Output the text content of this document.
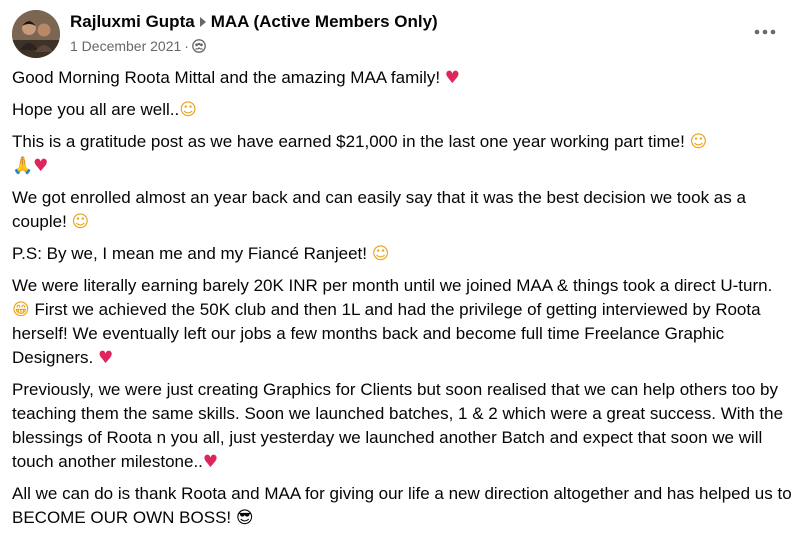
Rajluxmi Gupta MAA (Active Members Only)
1 December 2021 ·

Good Morning Roota Mittal and the amazing MAA family! ♥

Hope you all are well..☺

This is a gratitude post as we have earned $21,000 in the last one year working part time! ☺
🙏♥

We got enrolled almost an year back and can easily say that it was the best decision we took as a couple! ☺

P.S: By we, I mean me and my Fiancé Ranjeet! ☺

We were literally earning barely 20K INR per month until we joined MAA & things took a direct U-turn. 😁 First we achieved the 50K club and then 1L and had the privilege of getting interviewed by Roota herself! We eventually left our jobs a few months back and become full time Freelance Graphic Designers. ♥

Previously, we were just creating Graphics for Clients but soon realised that we can help others too by teaching them the same skills. Soon we launched batches, 1 & 2 which were a great success. With the blessings of Roota n you all, just yesterday we launched another Batch and expect that soon we will touch another milestone..♥

All we can do is thank Roota and MAA for giving our life a new direction altogether and has helped us to BECOME OUR OWN BOSS! 😎
